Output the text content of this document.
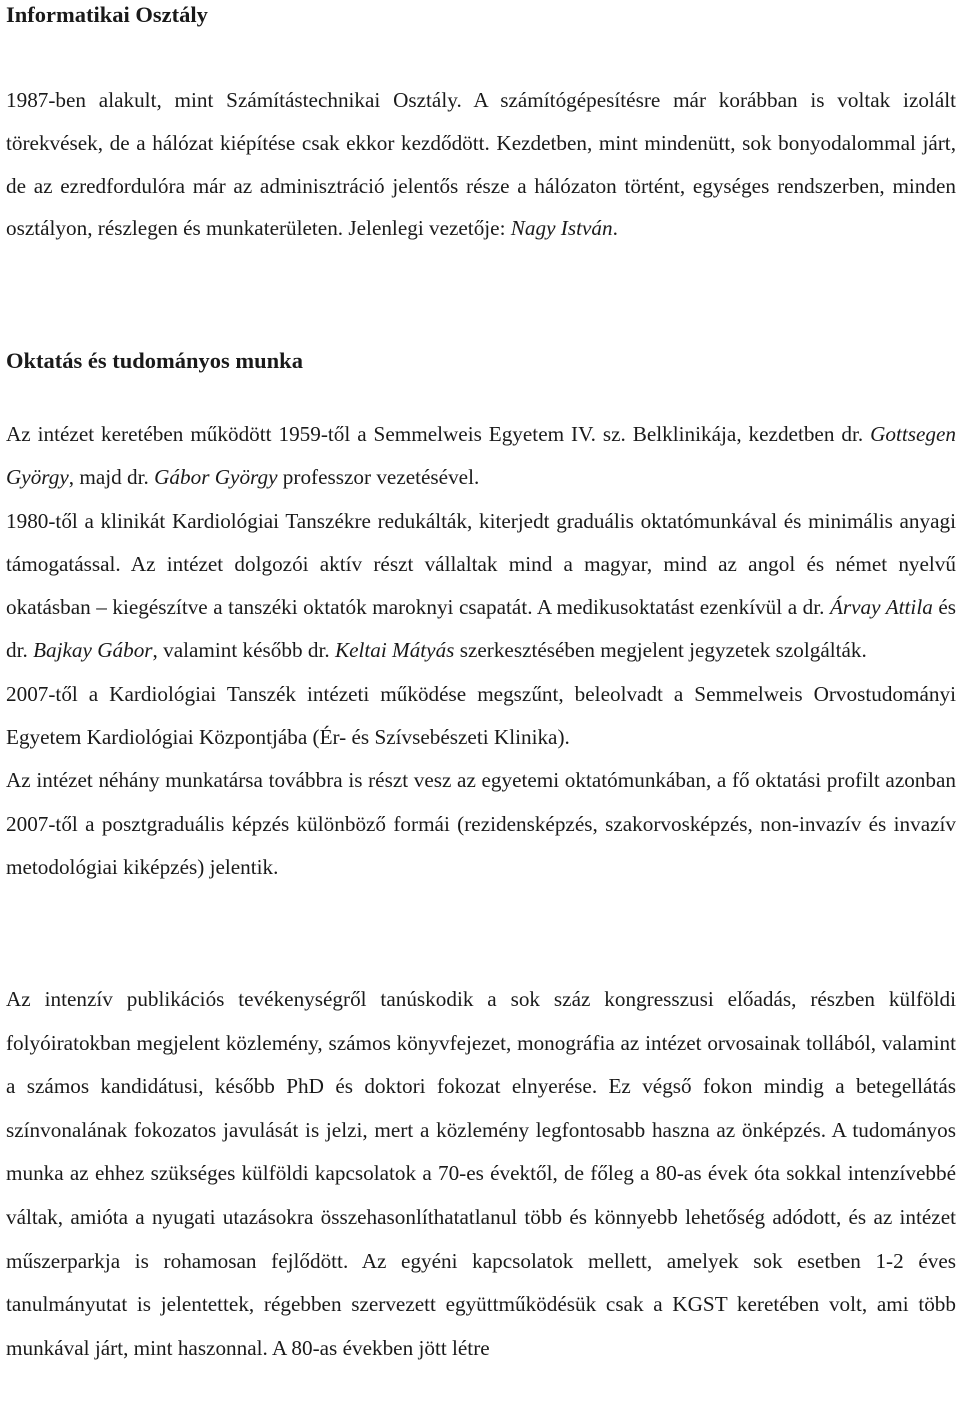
Informatikai Osztály

1987-ben alakult, mint Számítástechnikai Osztály. A számítógépesítésre már korábban is voltak izolált törekvések, de a hálózat kiépítése csak ekkor kezdődött. Kezdetben, mint mindenütt, sok bonyodalommal járt, de az ezredfordulóra már az adminisztráció jelentős része a hálózaton történt, egységes rendszerben, minden osztályon, részlegen és munkaterületen. Jelenlegi vezetője: Nagy István.

Oktatás és tudományos munka

Az intézet keretében működött 1959-től a Semmelweis Egyetem IV. sz. Belklinikája, kezdetben dr. Gottsegen György, majd dr. Gábor György professzor vezetésével.

1980-től a klinikát Kardiológiai Tanszékre redukálták, kiterjedt graduális oktatómunkával és minimális anyagi támogatással. Az intézet dolgozói aktív részt vállaltak mind a magyar, mind az angol és német nyelvű okatásban – kiegészítve a tanszéki oktatók maroknyi csapatát. A medikusoktatást ezenkívül a dr. Árvay Attila és dr. Bajkay Gábor, valamint később dr. Keltai Mátyás szerkesztésében megjelent jegyzetek szolgálták.

2007-től a Kardiológiai Tanszék intézeti működése megszűnt, beleolvadt a Semmelweis Orvostudományi Egyetem Kardiológiai Központjába (Ér- és Szívsebészeti Klinika).

Az intézet néhány munkatársa továbbra is részt vesz az egyetemi oktatómunkában, a fő oktatási profilt azonban 2007-től a posztgraduális képzés különböző formái (rezidensképzés, szakorvosképzés, non-invazív és invazív metodológiai kiképzés) jelentik.

Az intenzív publikációs tevékenységről tanúskodik a sok száz kongresszusi előadás, részben külföldi folyóiratokban megjelent közlemény, számos könyvfejezet, monográfia az intézet orvosainak tollából, valamint a számos kandidátusi, később PhD és doktori fokozat elnyerése. Ez végső fokon mindig a betegellátás színvonalának fokozatos javulását is jelzi, mert a közlemény legfontosabb haszna az önképzés. A tudományos munka az ehhez szükséges külföldi kapcsolatok a 70-es évektől, de főleg a 80-as évek óta sokkal intenzívebbé váltak, amióta a nyugati utazásokra összehasonlíthatatlanul több és könnyebb lehetőség adódott, és az intézet műszerparkja is rohamosan fejlődött. Az egyéni kapcsolatok mellett, amelyek sok esetben 1-2 éves tanulmányutat is jelentettek, régebben szervezett együttműködésük csak a KGST keretében volt, ami több munkával járt, mint haszonnal. A 80-as években jött létre
